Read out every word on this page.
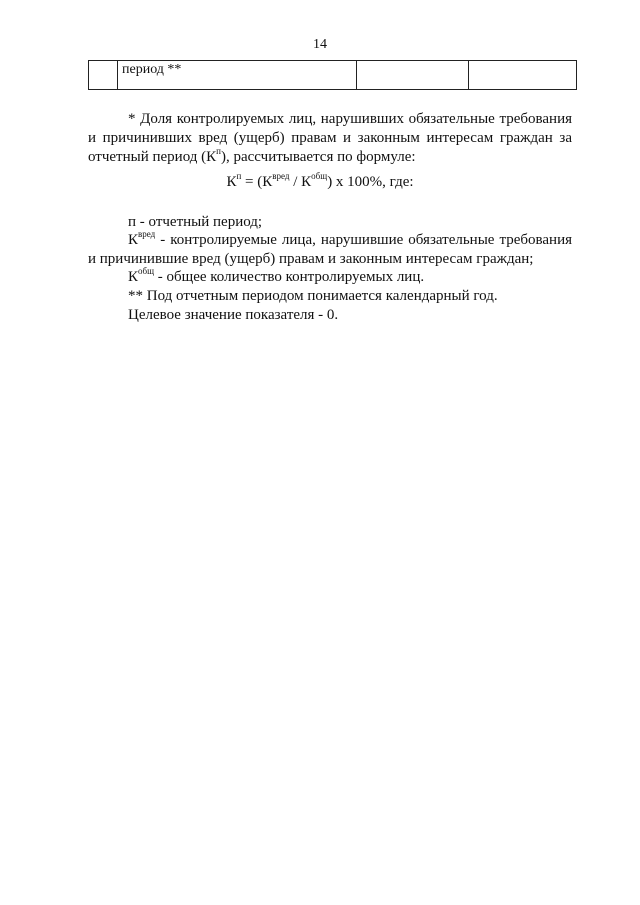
14
	период **		

* Доля контролируемых лиц, нарушивших обязательные требования и причинивших вред (ущерб) правам и законным интересам граждан за отчетный период $(К^п)$, рассчитывается по формуле:

$К^п = (К^{вред} / К^{общ})$ х 100%, где:
п - отчетный период;

$К^{вред}$ - контролируемые лица, нарушившие обязательные требования и причинившие вред (ущерб) правам и законным интересам граждан;

$К^{общ}$ - общее количество контролируемых лиц.
** Под отчетным периодом понимается календарный год.
Целевое значение показателя - 0.
